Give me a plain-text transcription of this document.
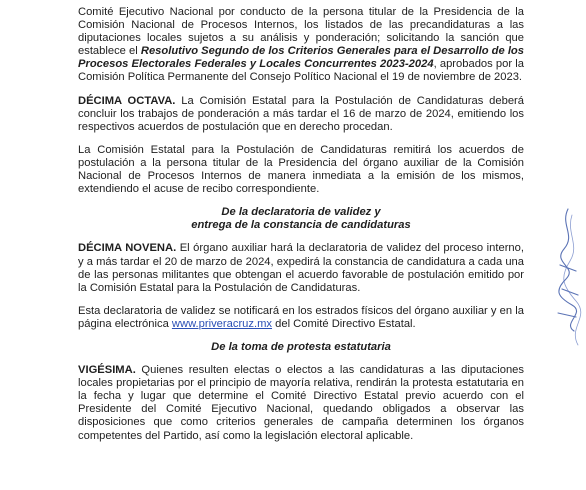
Comité Ejecutivo Nacional por conducto de la persona titular de la Presidencia de la Comisión Nacional de Procesos Internos, los listados de las precandidaturas a las diputaciones locales sujetos a su análisis y ponderación; solicitando la sanción que establece el Resolutivo Segundo de los Criterios Generales para el Desarrollo de los Procesos Electorales Federales y Locales Concurrentes 2023-2024, aprobados por la Comisión Política Permanente del Consejo Político Nacional el 19 de noviembre de 2023.

DÉCIMA OCTAVA. La Comisión Estatal para la Postulación de Candidaturas deberá concluir los trabajos de ponderación a más tardar el 16 de marzo de 2024, emitiendo los respectivos acuerdos de postulación que en derecho procedan.

La Comisión Estatal para la Postulación de Candidaturas remitirá los acuerdos de postulación a la persona titular de la Presidencia del órgano auxiliar de la Comisión Nacional de Procesos Internos de manera inmediata a la emisión de los mismos, extendiendo el acuse de recibo correspondiente.

De la declaratoria de validez y
entrega de la constancia de candidaturas

DÉCIMA NOVENA. El órgano auxiliar hará la declaratoria de validez del proceso interno, y a más tardar el 20 de marzo de 2024, expedirá la constancia de candidatura a cada una de las personas militantes que obtengan el acuerdo favorable de postulación emitido por la Comisión Estatal para la Postulación de Candidaturas.

Esta declaratoria de validez se notificará en los estrados físicos del órgano auxiliar y en la página electrónica www.priveracruz.mx del Comité Directivo Estatal.

De la toma de protesta estatutaria

VIGÉSIMA. Quienes resulten electas o electos a las candidaturas a las diputaciones locales propietarias por el principio de mayoría relativa, rendirán la protesta estatutaria en la fecha y lugar que determine el Comité Directivo Estatal previo acuerdo con el Presidente del Comité Ejecutivo Nacional, quedando obligados a observar las disposiciones que como criterios generales de campaña determinen los órganos competentes del Partido, así como la legislación electoral aplicable.
